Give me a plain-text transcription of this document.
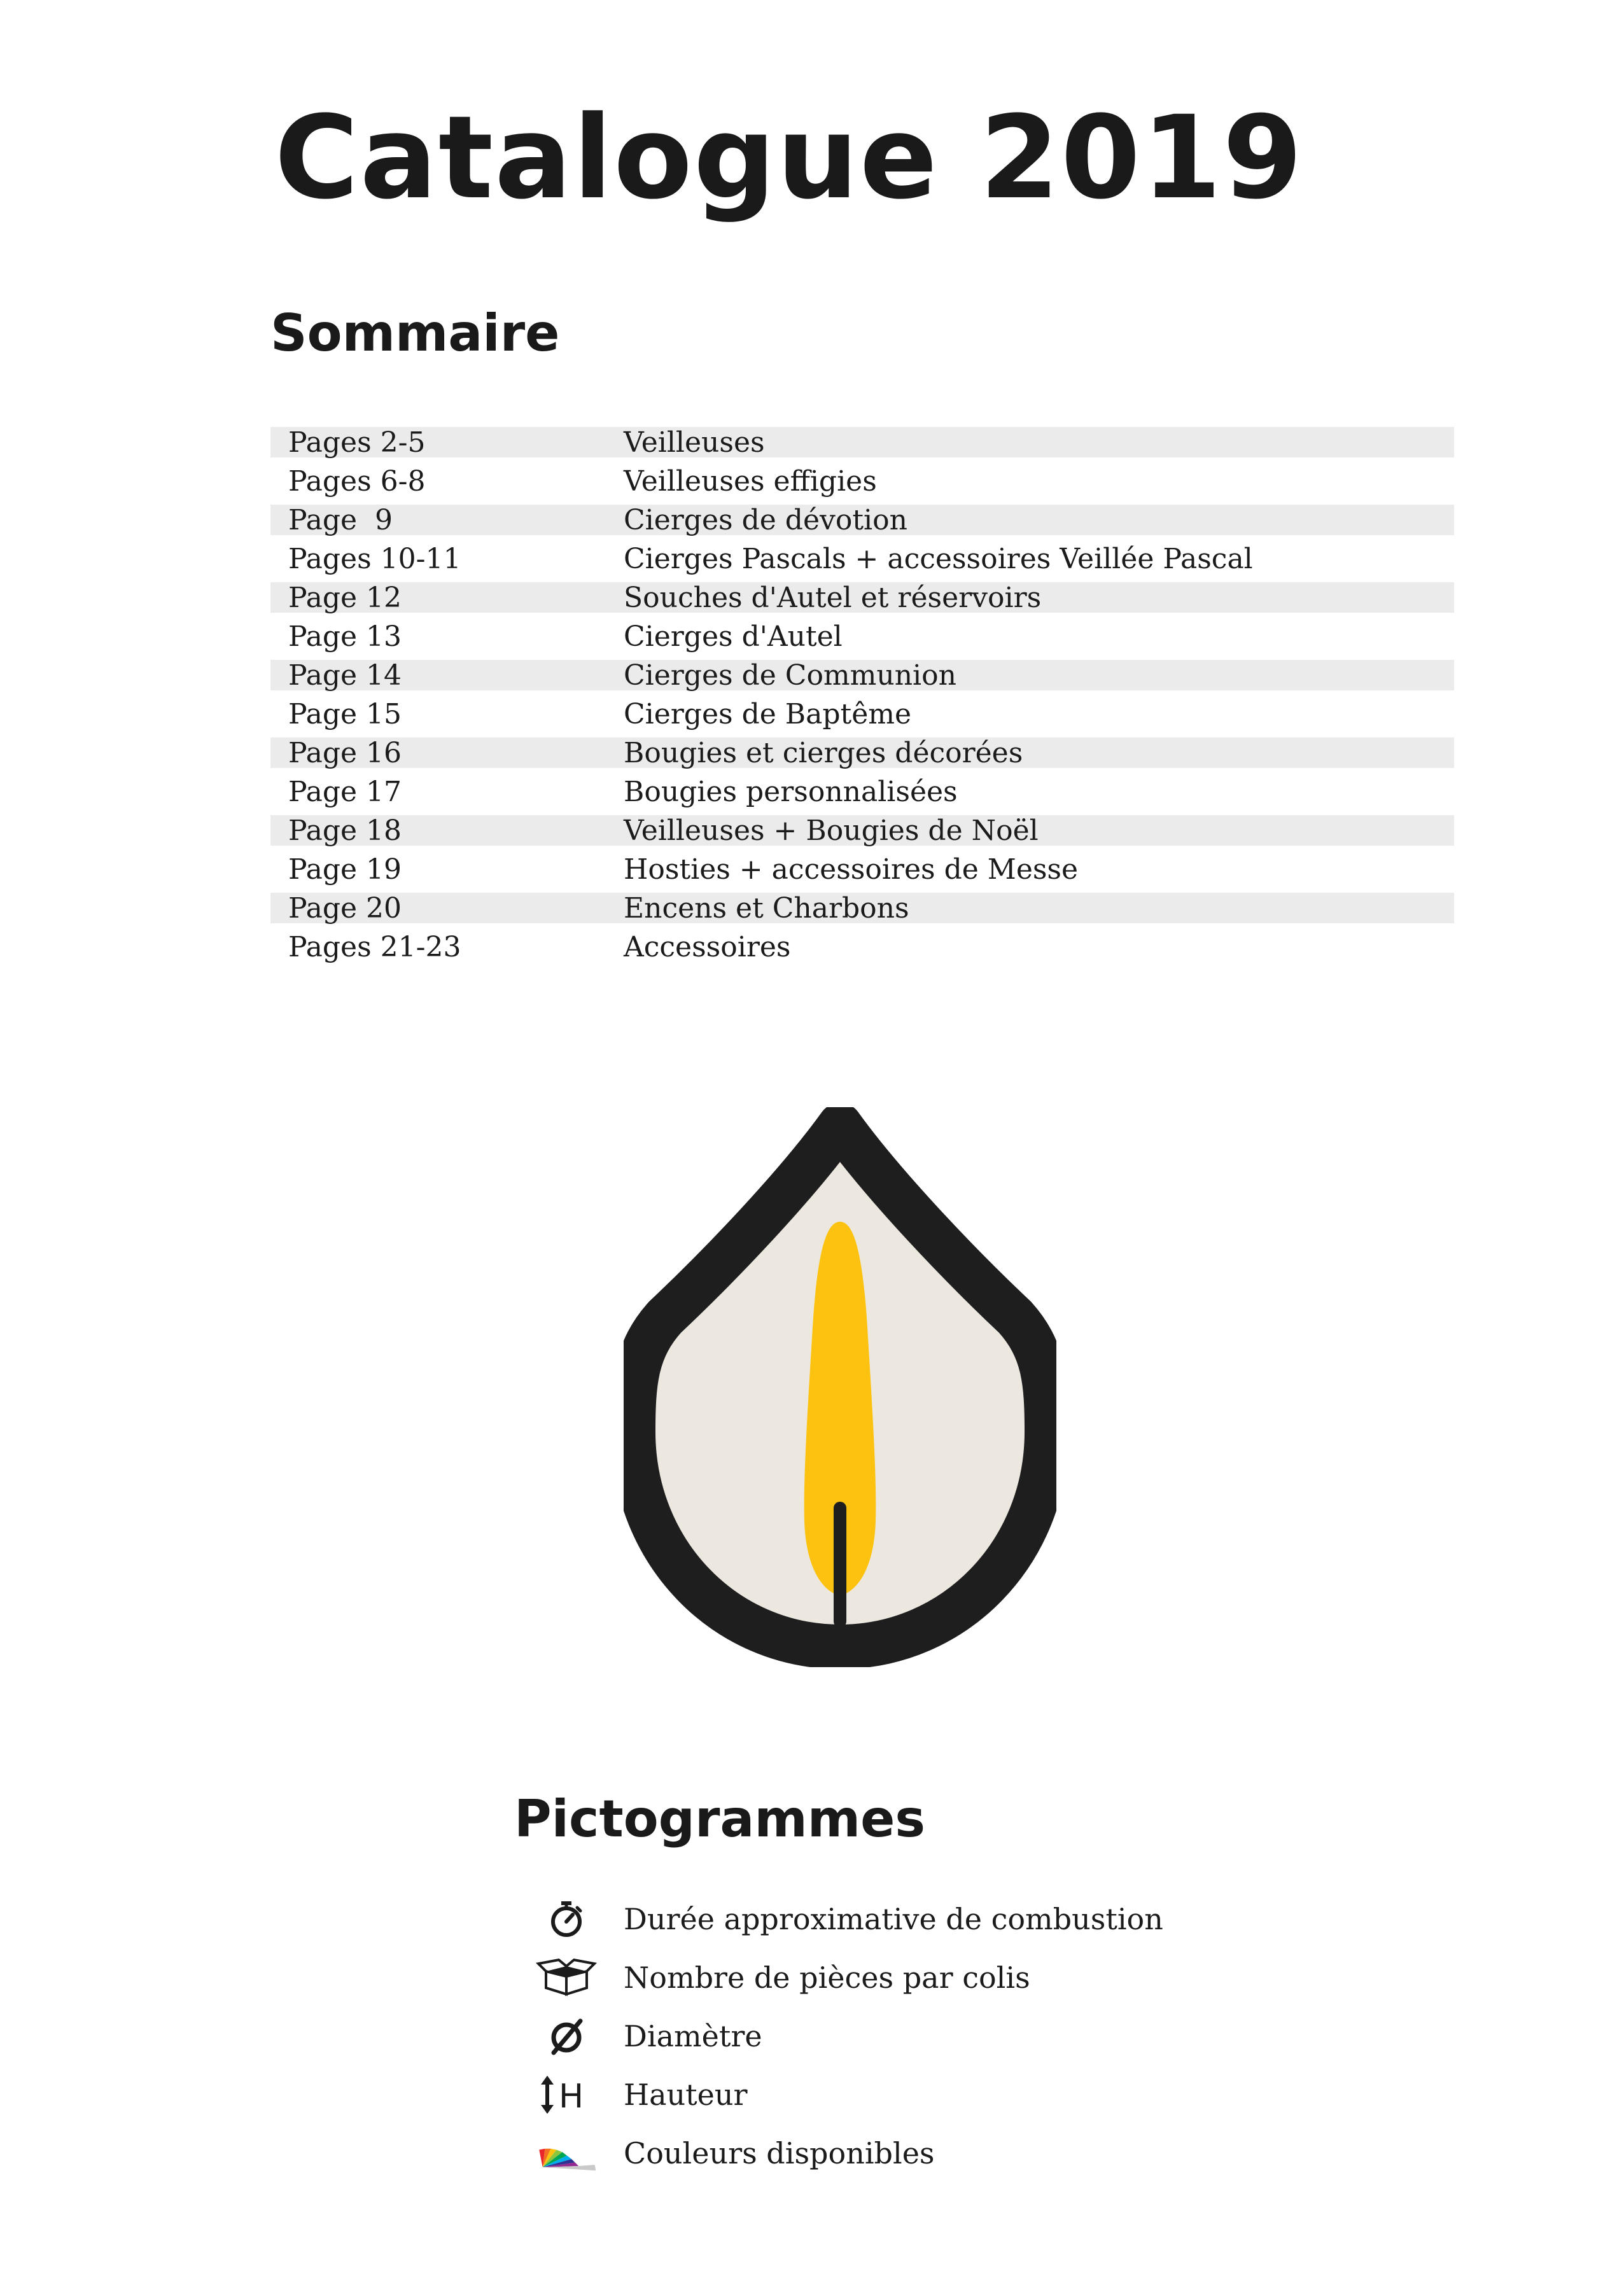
Catalogue 2019
Sommaire
Pages 2-5	Veilleuses
Pages 6-8	Veilleuses effigies
Page  9	Cierges de dévotion
Pages 10-11	Cierges Pascals + accessoires Veillée Pascal
Page 12	Souches d'Autel et réservoirs
Page 13	Cierges d'Autel
Page 14	Cierges de Communion
Page 15	Cierges de Baptême
Page 16	Bougies et cierges décorées
Page 17	Bougies personnalisées
Page 18	Veilleuses + Bougies de Noël
Page 19	Hosties + accessoires de Messe
Page 20	Encens et Charbons
Pages 21-23	Accessoires
Pictogrammes
Durée approximative de combustion
Nombre de pièces par colis
Diamètre
H Hauteur
Couleurs disponibles
